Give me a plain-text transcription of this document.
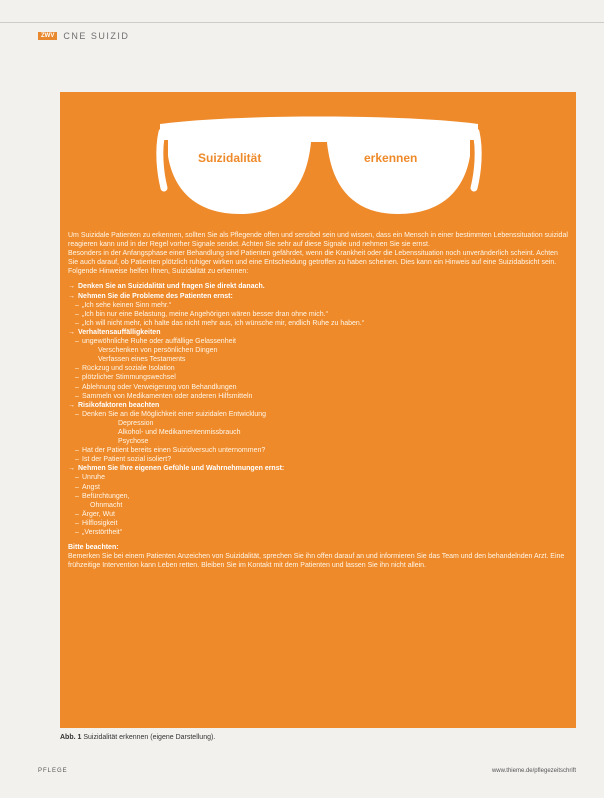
ZWV	CNE SUIZID
Suizidalität	erkennen

Um Suizidale Patienten zu erkennen, sollten Sie als Pflegende offen und sensibel sein und wissen, dass ein Mensch in einer bestimmten Lebenssituation suizidal reagieren kann und in der Regel vorher Signale sendet. Achten Sie sehr auf diese Signale und nehmen Sie sie ernst.

Besonders in der Anfangsphase einer Behandlung sind Patienten gefährdet, wenn die Krankheit oder die Lebenssituation noch unveränderlich scheint. Achten Sie auch darauf, ob Patienten plötzlich ruhiger wirken und eine Entscheidung getroffen zu haben scheinen. Dies kann ein Hinweis auf eine Suizidabsicht sein.

Folgende Hinweise helfen Ihnen, Suizidalität zu erkennen:

→ Denken Sie an Suizidalität und fragen Sie direkt danach.
→ Nehmen Sie die Probleme des Patienten ernst:
– „Ich sehe keinen Sinn mehr.“
– „Ich bin nur eine Belastung, meine Angehörigen wären besser dran ohne mich.“
– „Ich will nicht mehr, ich halte das nicht mehr aus, ich wünsche mir, endlich Ruhe zu haben.“
→ Verhaltensauffälligkeiten
– ungewöhnliche Ruhe oder auffällige Gelassenheit
Verschenken von persönlichen Dingen
Verfassen eines Testaments
– Rückzug und soziale Isolation
– plötzlicher Stimmungswechsel
– Ablehnung oder Verweigerung von Behandlungen
– Sammeln von Medikamenten oder anderen Hilfsmitteln
→ Risikofaktoren beachten
– Denken Sie an die Möglichkeit einer suizidalen Entwicklung
Depression
Alkohol- und Medikamentenmissbrauch
Psychose
– Hat der Patient bereits einen Suizidversuch unternommen?
– Ist der Patient sozial isoliert?
→ Nehmen Sie Ihre eigenen Gefühle und Wahrnehmungen ernst:
– Unruhe
– Angst
– Befürchtungen,
Ohnmacht
– Ärger, Wut
– Hilflosigkeit
– „Verstörtheit“

Bitte beachten:

Bemerken Sie bei einem Patienten Anzeichen von Suizidalität, sprechen Sie ihn offen darauf an und informieren Sie das Team und den behandelnden Arzt. Eine frühzeitige Intervention kann Leben retten. Bleiben Sie im Kontakt mit dem Patienten und lassen Sie ihn nicht allein.

Abb. 1 Suizidalität erkennen (eigene Darstellung).
PFLEGE	www.thieme.de/pflegezeitschrift
